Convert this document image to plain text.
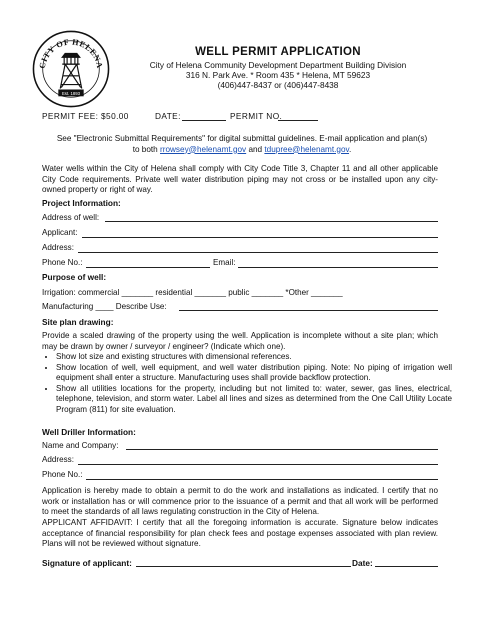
CITY OF HELENA
Est. 1893
WELL PERMIT APPLICATION
City of Helena Community Development Department Building Division
316 N. Park Ave. * Room 435 * Helena, MT 59623
(406)447-8437 or (406)447-8438
PERMIT FEE: $50.00	DATE:	PERMIT NO.
See "Electronic Submittal Requirements" for digital submittal guidelines. E-mail application and plan(s)
to both rrowsey@helenamt.gov and tdupree@helenamt.gov.
Water wells within the City of Helena shall comply with City Code Title 3, Chapter 11 and all other applicable City Code requirements. Private well water distribution piping may not cross or be installed upon any city-owned property or right of way.
Project Information:
Address of well:
Applicant:
Address:
Phone No.:	Email:
Purpose of well:
Irrigation: commercial _______ residential _______ public _______ *Other _______
Manufacturing ____ Describe Use:
Site plan drawing:
Provide a scaled drawing of the property using the well. Application is incomplete without a site plan; which may be drawn by owner / surveyor / engineer? (Indicate which one).
• Show lot size and existing structures with dimensional references.
• Show location of well, well equipment, and well water distribution piping. Note: No piping of irrigation well equipment shall enter a structure. Manufacturing uses shall provide backflow protection.
• Show all utilities locations for the property, including but not limited to: water, sewer, gas lines, electrical, telephone, television, and storm water. Label all lines and sizes as determined from the One Call Utility Locate Program (811) for site evaluation.
Well Driller Information:
Name and Company:
Address:
Phone No.:
Application is hereby made to obtain a permit to do the work and installations as indicated. I certify that no work or installation has or will commence prior to the issuance of a permit and that all work will be performed to meet the standards of all laws regulating construction in the City of Helena.
APPLICANT AFFIDAVIT: I certify that all the foregoing information is accurate. Signature below indicates acceptance of financial responsibility for plan check fees and postage expenses associated with plan review. Plans will not be reviewed without signature.
Signature of applicant:	Date:
